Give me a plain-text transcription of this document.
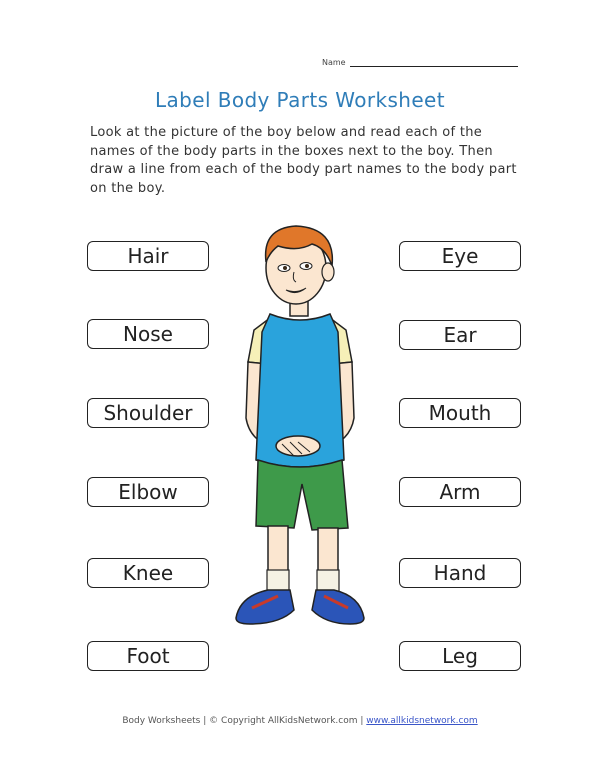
Name
Label Body Parts Worksheet
Look at the picture of the boy below and read each of the names of the body parts in the boxes next to the boy. Then draw a line from each of the body part names to the body part on the boy.
Hair
Nose
Shoulder
Elbow
Knee
Foot
Eye
Ear
Mouth
Arm
Hand
Leg
Body Worksheets | © Copyright AllKidsNetwork.com | www.allkidsnetwork.com
